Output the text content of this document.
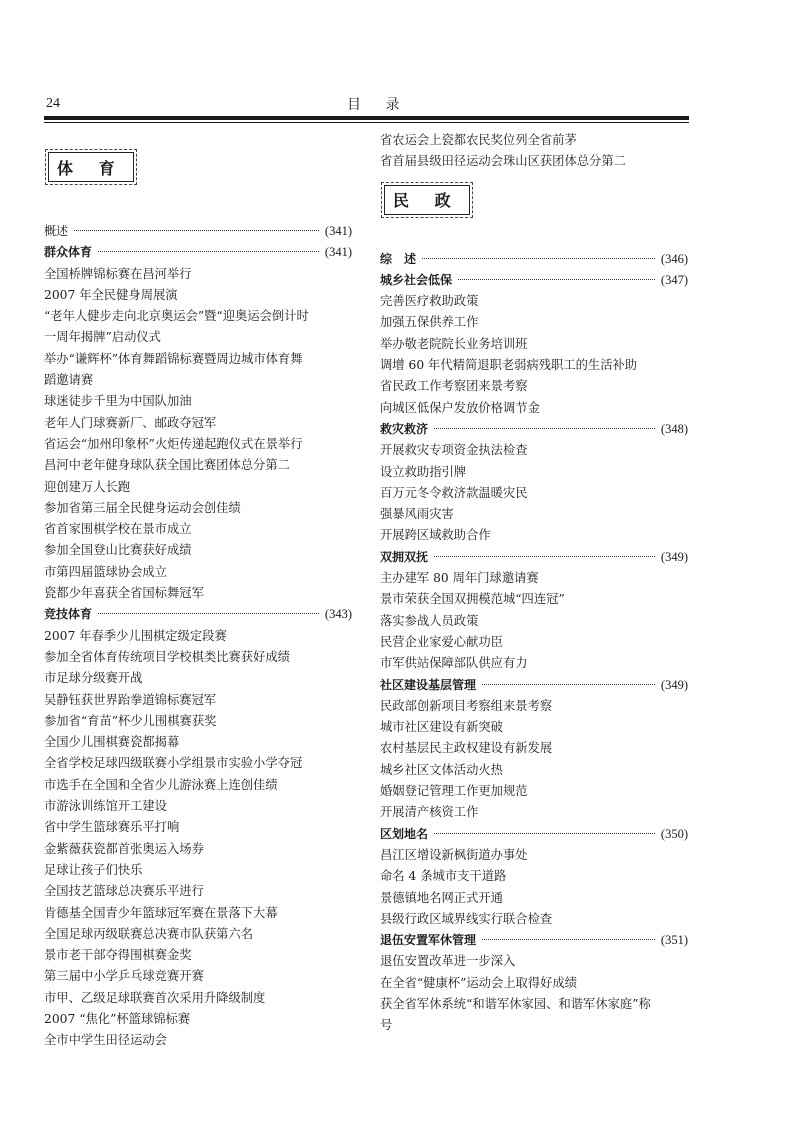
24	目 录
体 育
概述	(341)
群众体育	(341)
全国桥牌锦标赛在昌河举行
2007 年全民健身周展演
“老年人健步走向北京奥运会”暨“迎奥运会倒计时
一周年揭牌”启动仪式
举办“谦辉杯”体育舞蹈锦标赛暨周边城市体育舞
蹈邀请赛
球迷徒步千里为中国队加油
老年人门球赛新厂、邮政夺冠军
省运会“加州印象杯”火炬传递起跑仪式在景举行
昌河中老年健身球队获全国比赛团体总分第二
迎创建万人长跑
参加省第三届全民健身运动会创佳绩
省首家围棋学校在景市成立
参加全国登山比赛获好成绩
市第四届篮球协会成立
瓷都少年喜获全省国标舞冠军
竞技体育	(343)
2007 年春季少儿围棋定级定段赛
参加全省体育传统项目学校棋类比赛获好成绩
市足球分级赛开战
吴静钰获世界跆拳道锦标赛冠军
参加省“育苗”杯少儿围棋赛获奖
全国少儿围棋赛瓷都揭幕
全省学校足球四级联赛小学组景市实验小学夺冠
市选手在全国和全省少儿游泳赛上连创佳绩
市游泳训练馆开工建设
省中学生篮球赛乐平打响
金紫薇获瓷都首张奥运入场券
足球让孩子们快乐
全国技艺篮球总决赛乐平进行
肯德基全国青少年篮球冠军赛在景落下大幕
全国足球丙级联赛总决赛市队获第六名
景市老干部夺得围棋赛金奖
第三届中小学乒乓球竞赛开赛
市甲、乙级足球联赛首次采用升降级制度
2007 “焦化”杯篮球锦标赛
全市中学生田径运动会
省农运会上瓷都农民奖位列全省前茅
省首届县级田径运动会珠山区获团体总分第二
民 政
综　述	(346)
城乡社会低保	(347)
完善医疗救助政策
加强五保供养工作
举办敬老院院长业务培训班
调增 60 年代精简退职老弱病残职工的生活补助
省民政工作考察团来景考察
向城区低保户发放价格调节金
救灾救济	(348)
开展救灾专项资金执法检查
设立救助指引牌
百万元冬令救济款温暖灾民
强暴风雨灾害
开展跨区域救助合作
双拥双抚	(349)
主办建军 80 周年门球邀请赛
景市荣获全国双拥模范城“四连冠”
落实参战人员政策
民营企业家爱心献功臣
市军供站保障部队供应有力
社区建设基层管理	(349)
民政部创新项目考察组来景考察
城市社区建设有新突破
农村基层民主政权建设有新发展
城乡社区文体活动火热
婚姻登记管理工作更加规范
开展清产核资工作
区划地名	(350)
昌江区增设新枫街道办事处
命名 4 条城市支干道路
景德镇地名网正式开通
县级行政区域界线实行联合检查
退伍安置军休管理	(351)
退伍安置改革进一步深入
在全省“健康杯”运动会上取得好成绩
获全省军休系统“和谐军休家园、和谐军休家庭”称
号
